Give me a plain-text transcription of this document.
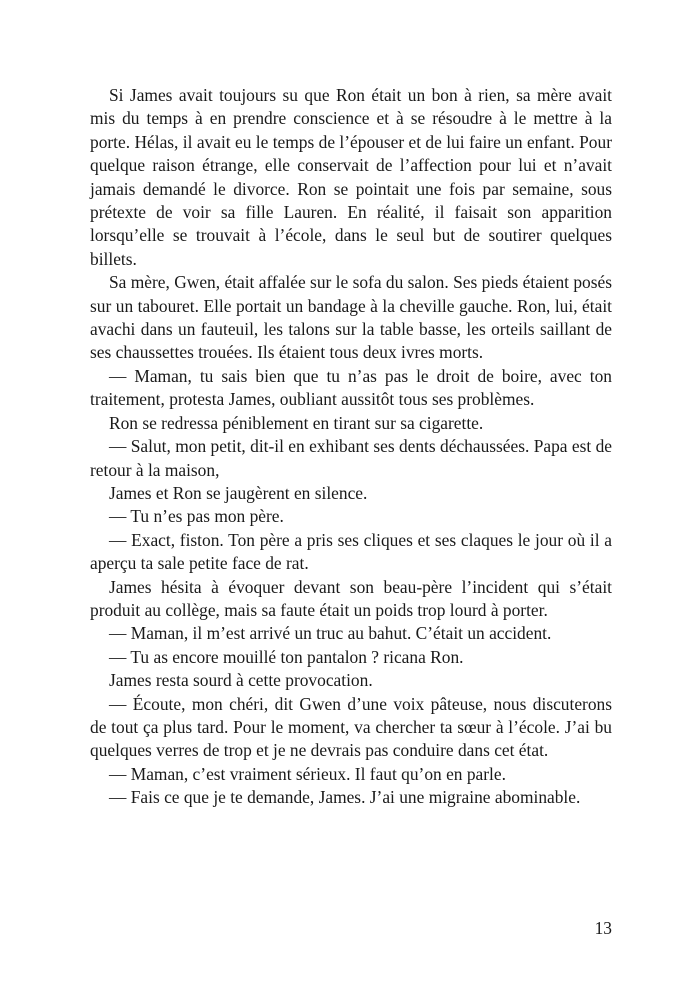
Si James avait toujours su que Ron était un bon à rien, sa mère avait mis du temps à en prendre conscience et à se résoudre à le mettre à la porte. Hélas, il avait eu le temps de l’épouser et de lui faire un enfant. Pour quelque raison étrange, elle conservait de l’affection pour lui et n’avait jamais demandé le divorce. Ron se pointait une fois par semaine, sous prétexte de voir sa fille Lauren. En réalité, il faisait son apparition lorsqu’elle se trouvait à l’école, dans le seul but de soutirer quelques billets.

Sa mère, Gwen, était affalée sur le sofa du salon. Ses pieds étaient posés sur un tabouret. Elle portait un bandage à la cheville gauche. Ron, lui, était avachi dans un fauteuil, les talons sur la table basse, les orteils saillant de ses chaussettes trouées. Ils étaient tous deux ivres morts.

— Maman, tu sais bien que tu n’as pas le droit de boire, avec ton traitement, protesta James, oubliant aussitôt tous ses problèmes.

Ron se redressa péniblement en tirant sur sa cigarette.

— Salut, mon petit, dit-il en exhibant ses dents déchaussées. Papa est de retour à la maison,

James et Ron se jaugèrent en silence.

— Tu n’es pas mon père.

— Exact, fiston. Ton père a pris ses cliques et ses claques le jour où il a aperçu ta sale petite face de rat.

James hésita à évoquer devant son beau-père l’incident qui s’était produit au collège, mais sa faute était un poids trop lourd à porter.

— Maman, il m’est arrivé un truc au bahut. C’était un accident.

— Tu as encore mouillé ton pantalon ? ricana Ron.

James resta sourd à cette provocation.

— Écoute, mon chéri, dit Gwen d’une voix pâteuse, nous discuterons de tout ça plus tard. Pour le moment, va chercher ta sœur à l’école. J’ai bu quelques verres de trop et je ne devrais pas conduire dans cet état.

— Maman, c’est vraiment sérieux. Il faut qu’on en parle.

— Fais ce que je te demande, James. J’ai une migraine abominable.

13
